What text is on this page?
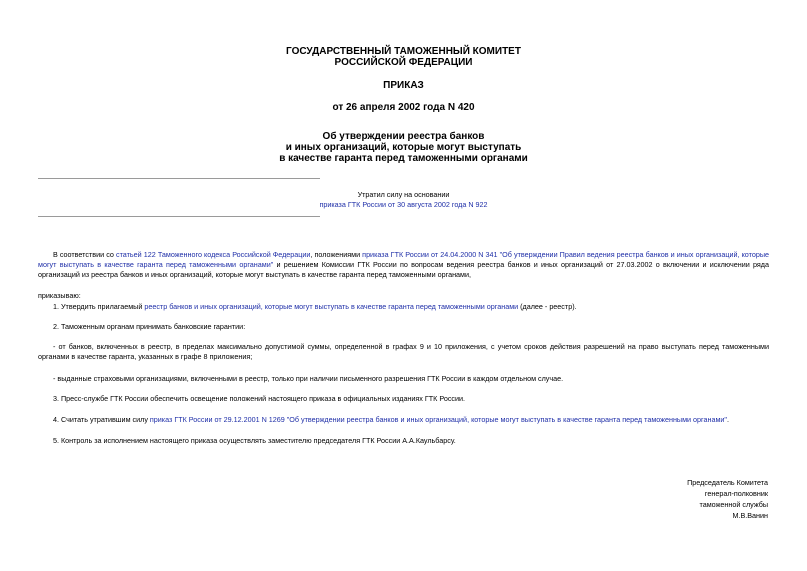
ГОСУДАРСТВЕННЫЙ ТАМОЖЕННЫЙ КОМИТЕТ
РОССИЙСКОЙ ФЕДЕРАЦИИ
ПРИКАЗ
от 26 апреля 2002 года N 420
Об утверждении реестра банков
и иных организаций, которые могут выступать
в качестве гаранта перед таможенными органами
Утратил силу на основании
приказа ГТК России от 30 августа 2002 года N 922
В соответствии со статьей 122 Таможенного кодекса Российской Федерации, положениями приказа ГТК России от 24.04.2000 N 341 "Об утверждении Правил ведения реестра банков и иных организаций, которые могут выступать в качестве гаранта перед таможенными органами" и решением Комиссии ГТК России по вопросам ведения реестра банков и иных организаций от 27.03.2002 о включении и исключении ряда организаций из реестра банков и иных организаций, которые могут выступать в качестве гаранта перед таможенными органами,
приказываю:
1. Утвердить прилагаемый реестр банков и иных организаций, которые могут выступать в качестве гаранта перед таможенными органами (далее - реестр).
2. Таможенным органам принимать банковские гарантии:
- от банков, включенных в реестр, в пределах максимально допустимой суммы, определенной в графах 9 и 10 приложения, с учетом сроков действия разрешений на право выступать перед таможенными органами в качестве гаранта, указанных в графе 8 приложения;
- выданные страховыми организациями, включенными в реестр, только при наличии письменного разрешения ГТК России в каждом отдельном случае.
3. Пресс-службе ГТК России обеспечить освещение положений настоящего приказа в официальных изданиях ГТК России.
4. Считать утратившим силу приказ ГТК России от 29.12.2001 N 1269 "Об утверждении реестра банков и иных организаций, которые могут выступать в качестве гаранта перед таможенными органами".
5. Контроль за исполнением настоящего приказа осуществлять заместителю председателя ГТК России А.А.Каульбарсу.
Председатель Комитета
генерал-полковник
таможенной службы
М.В.Ванин
